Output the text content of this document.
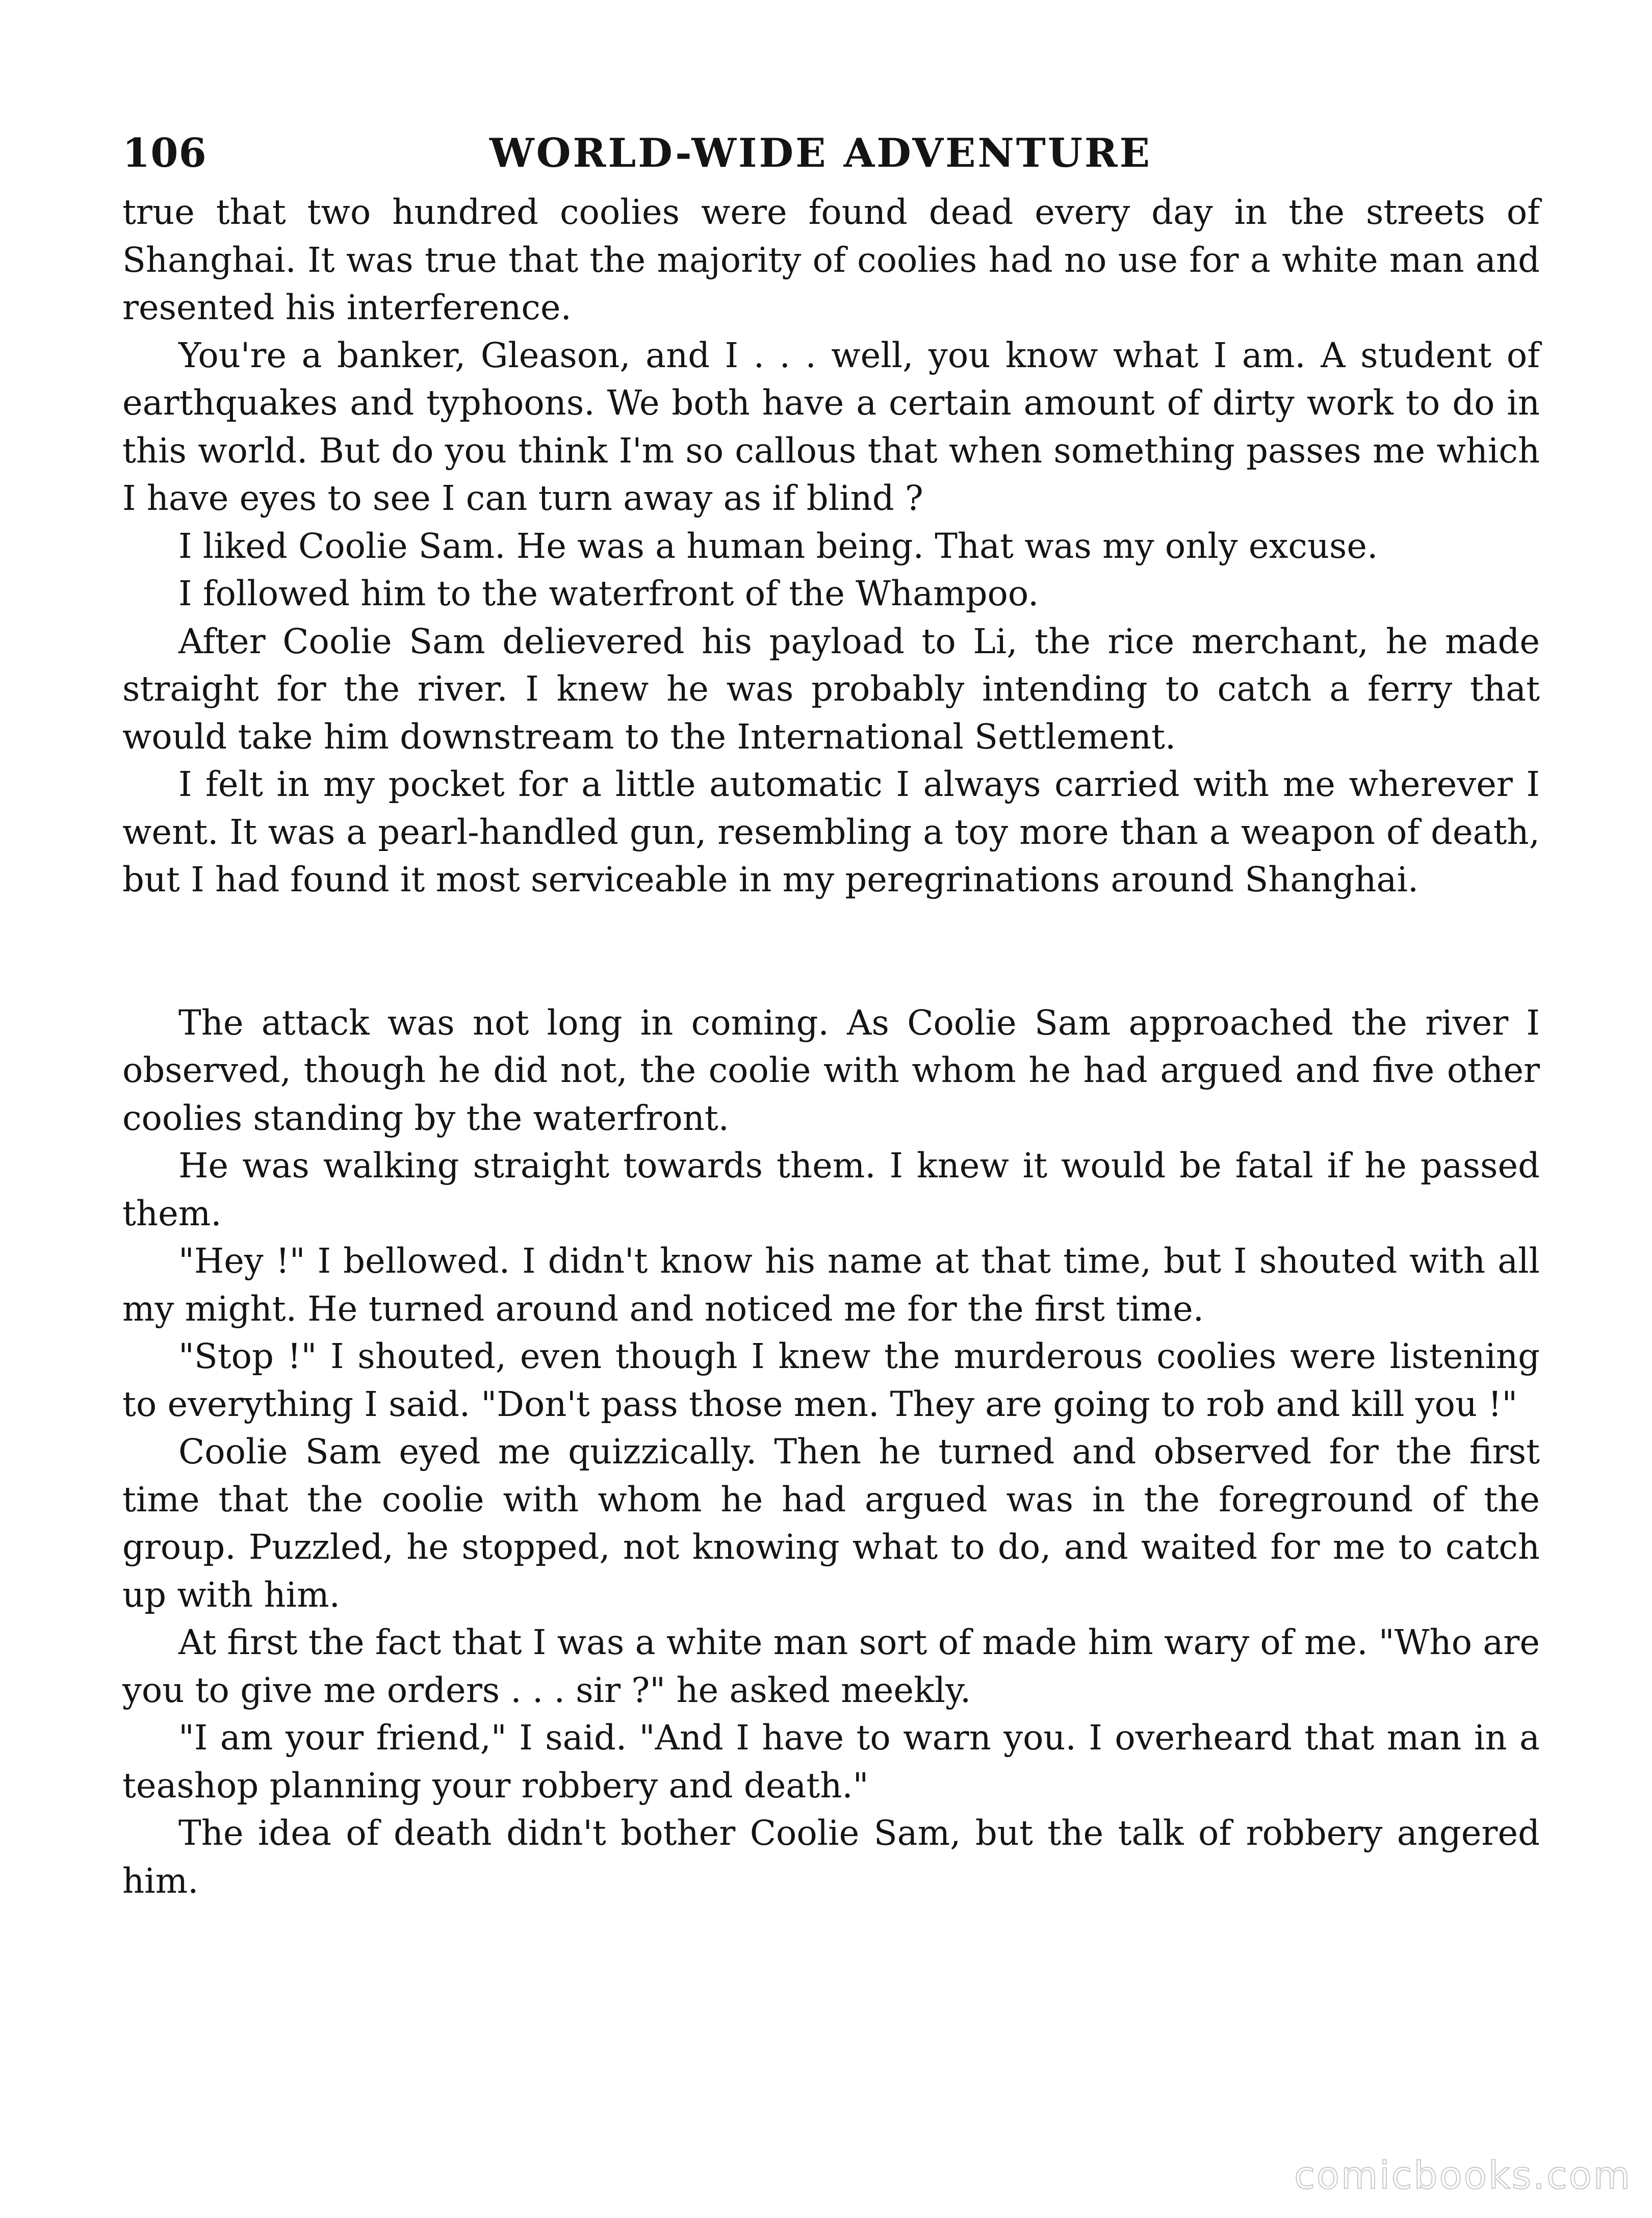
106	WORLD-WIDE ADVENTURE

true that two hundred coolies were found dead every day in the streets of Shanghai. It was true that the majority of coolies had no use for a white man and resented his interference.

You're a banker, Gleason, and I . . . well, you know what I am. A student of earthquakes and typhoons. We both have a certain amount of dirty work to do in this world. But do you think I'm so callous that when something passes me which I have eyes to see I can turn away as if blind ?

I liked Coolie Sam. He was a human being. That was my only excuse.

I followed him to the waterfront of the Whampoo.

After Coolie Sam delievered his payload to Li, the rice merchant, he made straight for the river. I knew he was probably intending to catch a ferry that would take him downstream to the International Settlement.

I felt in my pocket for a little automatic I always carried with me wherever I went. It was a pearl-handled gun, resembling a toy more than a weapon of death, but I had found it most serviceable in my peregrinations around Shanghai.

The attack was not long in coming. As Coolie Sam approached the river I observed, though he did not, the coolie with whom he had argued and five other coolies standing by the waterfront.

He was walking straight towards them. I knew it would be fatal if he passed them.

"Hey !" I bellowed. I didn't know his name at that time, but I shouted with all my might. He turned around and noticed me for the first time.

"Stop !" I shouted, even though I knew the murderous coolies were listening to everything I said. "Don't pass those men. They are going to rob and kill you !"

Coolie Sam eyed me quizzically. Then he turned and observed for the first time that the coolie with whom he had argued was in the foreground of the group. Puzzled, he stopped, not knowing what to do, and waited for me to catch up with him.

At first the fact that I was a white man sort of made him wary of me. "Who are you to give me orders . . . sir ?" he asked meekly.

"I am your friend," I said. "And I have to warn you. I overheard that man in a teashop planning your robbery and death."

The idea of death didn't bother Coolie Sam, but the talk of robbery angered him.

comicbooks.com
